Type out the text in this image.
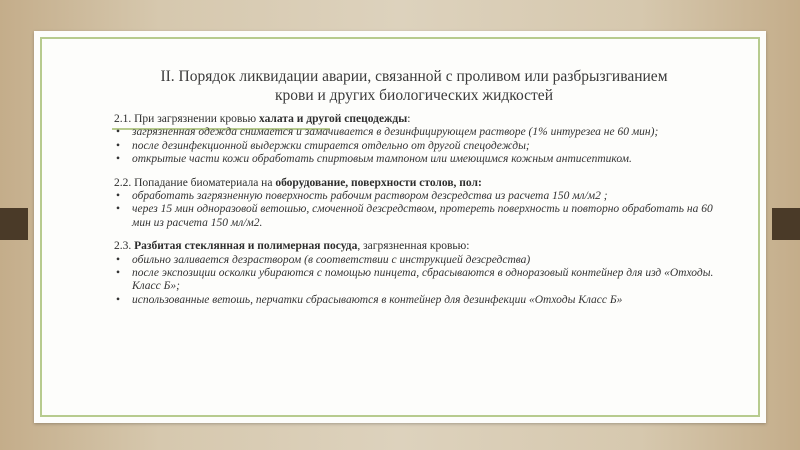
II. Порядок ликвидации аварии, связанной с проливом или разбрызгиванием
крови и других биологических жидкостей

2.1. При загрязнении кровью халата и другой спецодежды:

• загрязненная одежда снимается и замачивается в дезинфицирующем растворе (1% интурезеа не 60 мин);
• после дезинфекционной выдержки стирается отдельно от другой спецодежды;
• открытые части кожи обработать спиртовым тампоном или имеющимся кожным антисептиком.

2.2. Попадание биоматериала на оборудование, поверхности столов, пол:

• обработать загрязненную поверхность рабочим раствором дезсредства из расчета 150 мл/м2 ;
• через 15 мин одноразовой ветошью, смоченной дезсредством, протереть поверхность и повторно обработать на 60 мин из расчета 150 мл/м2.

2.3. Разбитая стеклянная и полимерная посуда, загрязненная кровью:

• обильно заливается дезраствором (в соответствии с инструкцией дезсредства)
• после экспозиции осколки убираются с помощью пинцета, сбрасываются в одноразовый контейнер для изд «Отходы. Класс Б»;
• использованные ветошь, перчатки сбрасываются в контейнер для дезинфекции «Отходы Класс Б»
